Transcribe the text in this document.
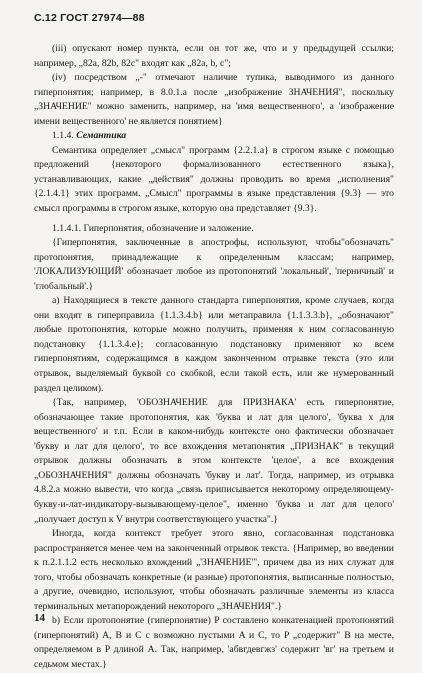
С.12 ГОСТ 27974—88

(iii) опускают номер пункта, если он тот же, что и у предыдущей ссылки; например, „82a, 82b, 82c" входят как „82a, b, c";

(iv) посредством „-" отмечают наличие тупика, выводимого из данного гиперпонятия; например, в 8.0.1.a после „изображение ЗНАЧЕНИЯ", поскольку „ЗНАЧЕНИЕ" можно заменить, например, на 'имя вещественного', а 'изображение имени вещественного' не является понятием}

1.1.4. Семантика

Семантика определяет „смысл" программ {2.2.1.a} в строгом языке с помощью предложений {некоторого формализованного естественного языка}, устанавливающих, какие „действия" должны проводить во время „исполнения" {2.1.4.1} этих программ. „Смысл" программы в языке представления {9.3} — это смысл программы в строгом языке, которую она представляет {9.3}.

1.1.4.1. Гиперпонятия, обозначение и заложение.

{Гиперпонятия, заключенные в апострофы, используют, чтобы"обозначать" протопонятия, принадлежащие к определенным классам; например, 'ЛОКАЛИЗУЮЩИЙ' обозначает любое из протопонятий 'локальный', 'перничный' и 'глобальный'.}

a) Находящиеся в тексте данного стандарта гиперпонятия, кроме случаев, когда они входят в гиперправила {1.1.3.4.b} или метаправила {1.1.3.3.b}, „обозначают" любые протопонятия, которые можно получить, применяя к ним согласованную подстановку {1.1.3.4.e}; согласованную подстановку применяют ко всем гиперпонятиям, содержащимся в каждом законченном отрывке текста (это или отрывок, выделяемый буквой со скобкой, если такой есть, или же нумерованный раздел целиком).

{Так, например, 'ОБОЗНАЧЕНИЕ для ПРИЗНАКА' есть гиперпонятие, обозначающее такие протопонятия, как 'буква и лат для целого', 'буква х для вещественного' и т.п. Если в каком-нибудь контексте оно фактически обозначает 'букву и лат для целого', то все вхождения метапонятия „ПРИЗНАК" в текущий отрывок должны обозначать в этом контексте 'целое', а все вхождения „ОБОЗНАЧЕНИЯ" должны обозначать 'букву и лат'. Тогда, например, из отрывка 4.8.2.a можно вывести, что когда „связь приписывается некоторому определяющему-букву-и-лат-индикатору-вызывающему-целое", именно 'буква и лат для целого' „получает доступ к V внутри соответствующего участка".}

Иногда, когда контекст требует этого явно, согласованная подстановка распространяется менее чем на законченный отрывок текста. {Например, во введении к п.2.1.1.2 есть несколько вхождений „'ЗНАЧЕНИЕ'", причем два из них служат для того, чтобы обозначать конкретные (и разные) протопонятия, выписанные полностью, а другие, очевидно, используют, чтобы обозначать различные элементы из класса терминальных метапорождений некоторого „ЗНАЧЕНИЯ".}

b) Если протопонятие (гиперпонятие) P составлено конкатенацией протопонятий (гиперпонятий) A, B и C с возможно пустыми A и C, то P „содержит" B на месте, определяемом в P длиной A. Так, например, 'абвгдевгжз' содержит 'вг' на третьем и седьмом местах.}

14
